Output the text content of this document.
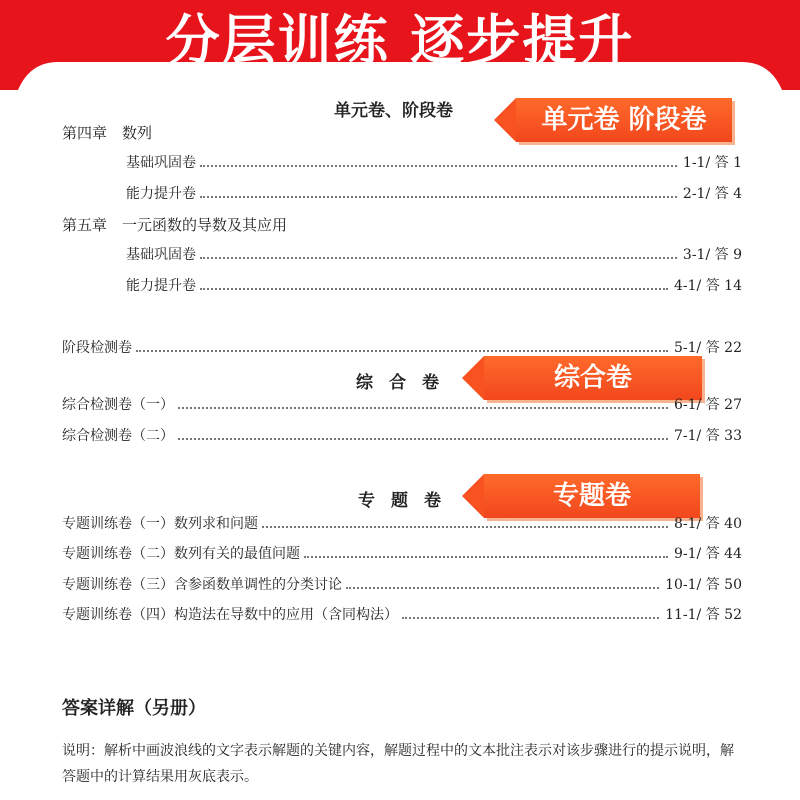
分层训练 逐步提升
单元卷、阶段卷	单元卷 阶段卷
第四章　数列
基础巩固卷	1-1/ 答 1
能力提升卷	2-1/ 答 4
第五章　一元函数的导数及其应用
基础巩固卷	3-1/ 答 9
能力提升卷	4-1/ 答 14
阶段检测卷	5-1/ 答 22
综合卷	综合卷
综合检测卷（一）	6-1/ 答 27
综合检测卷（二）	7-1/ 答 33
专题卷	专题卷
专题训练卷（一）数列求和问题	8-1/ 答 40
专题训练卷（二）数列有关的最值问题	9-1/ 答 44
专题训练卷（三）含参函数单调性的分类讨论	10-1/ 答 50
专题训练卷（四）构造法在导数中的应用（含同构法）	11-1/ 答 52
答案详解（另册）
说明：解析中画波浪线的文字表示解题的关键内容，解题过程中的文本批注表示对该步骤进行的提示说明，解答题中的计算结果用灰底表示。
